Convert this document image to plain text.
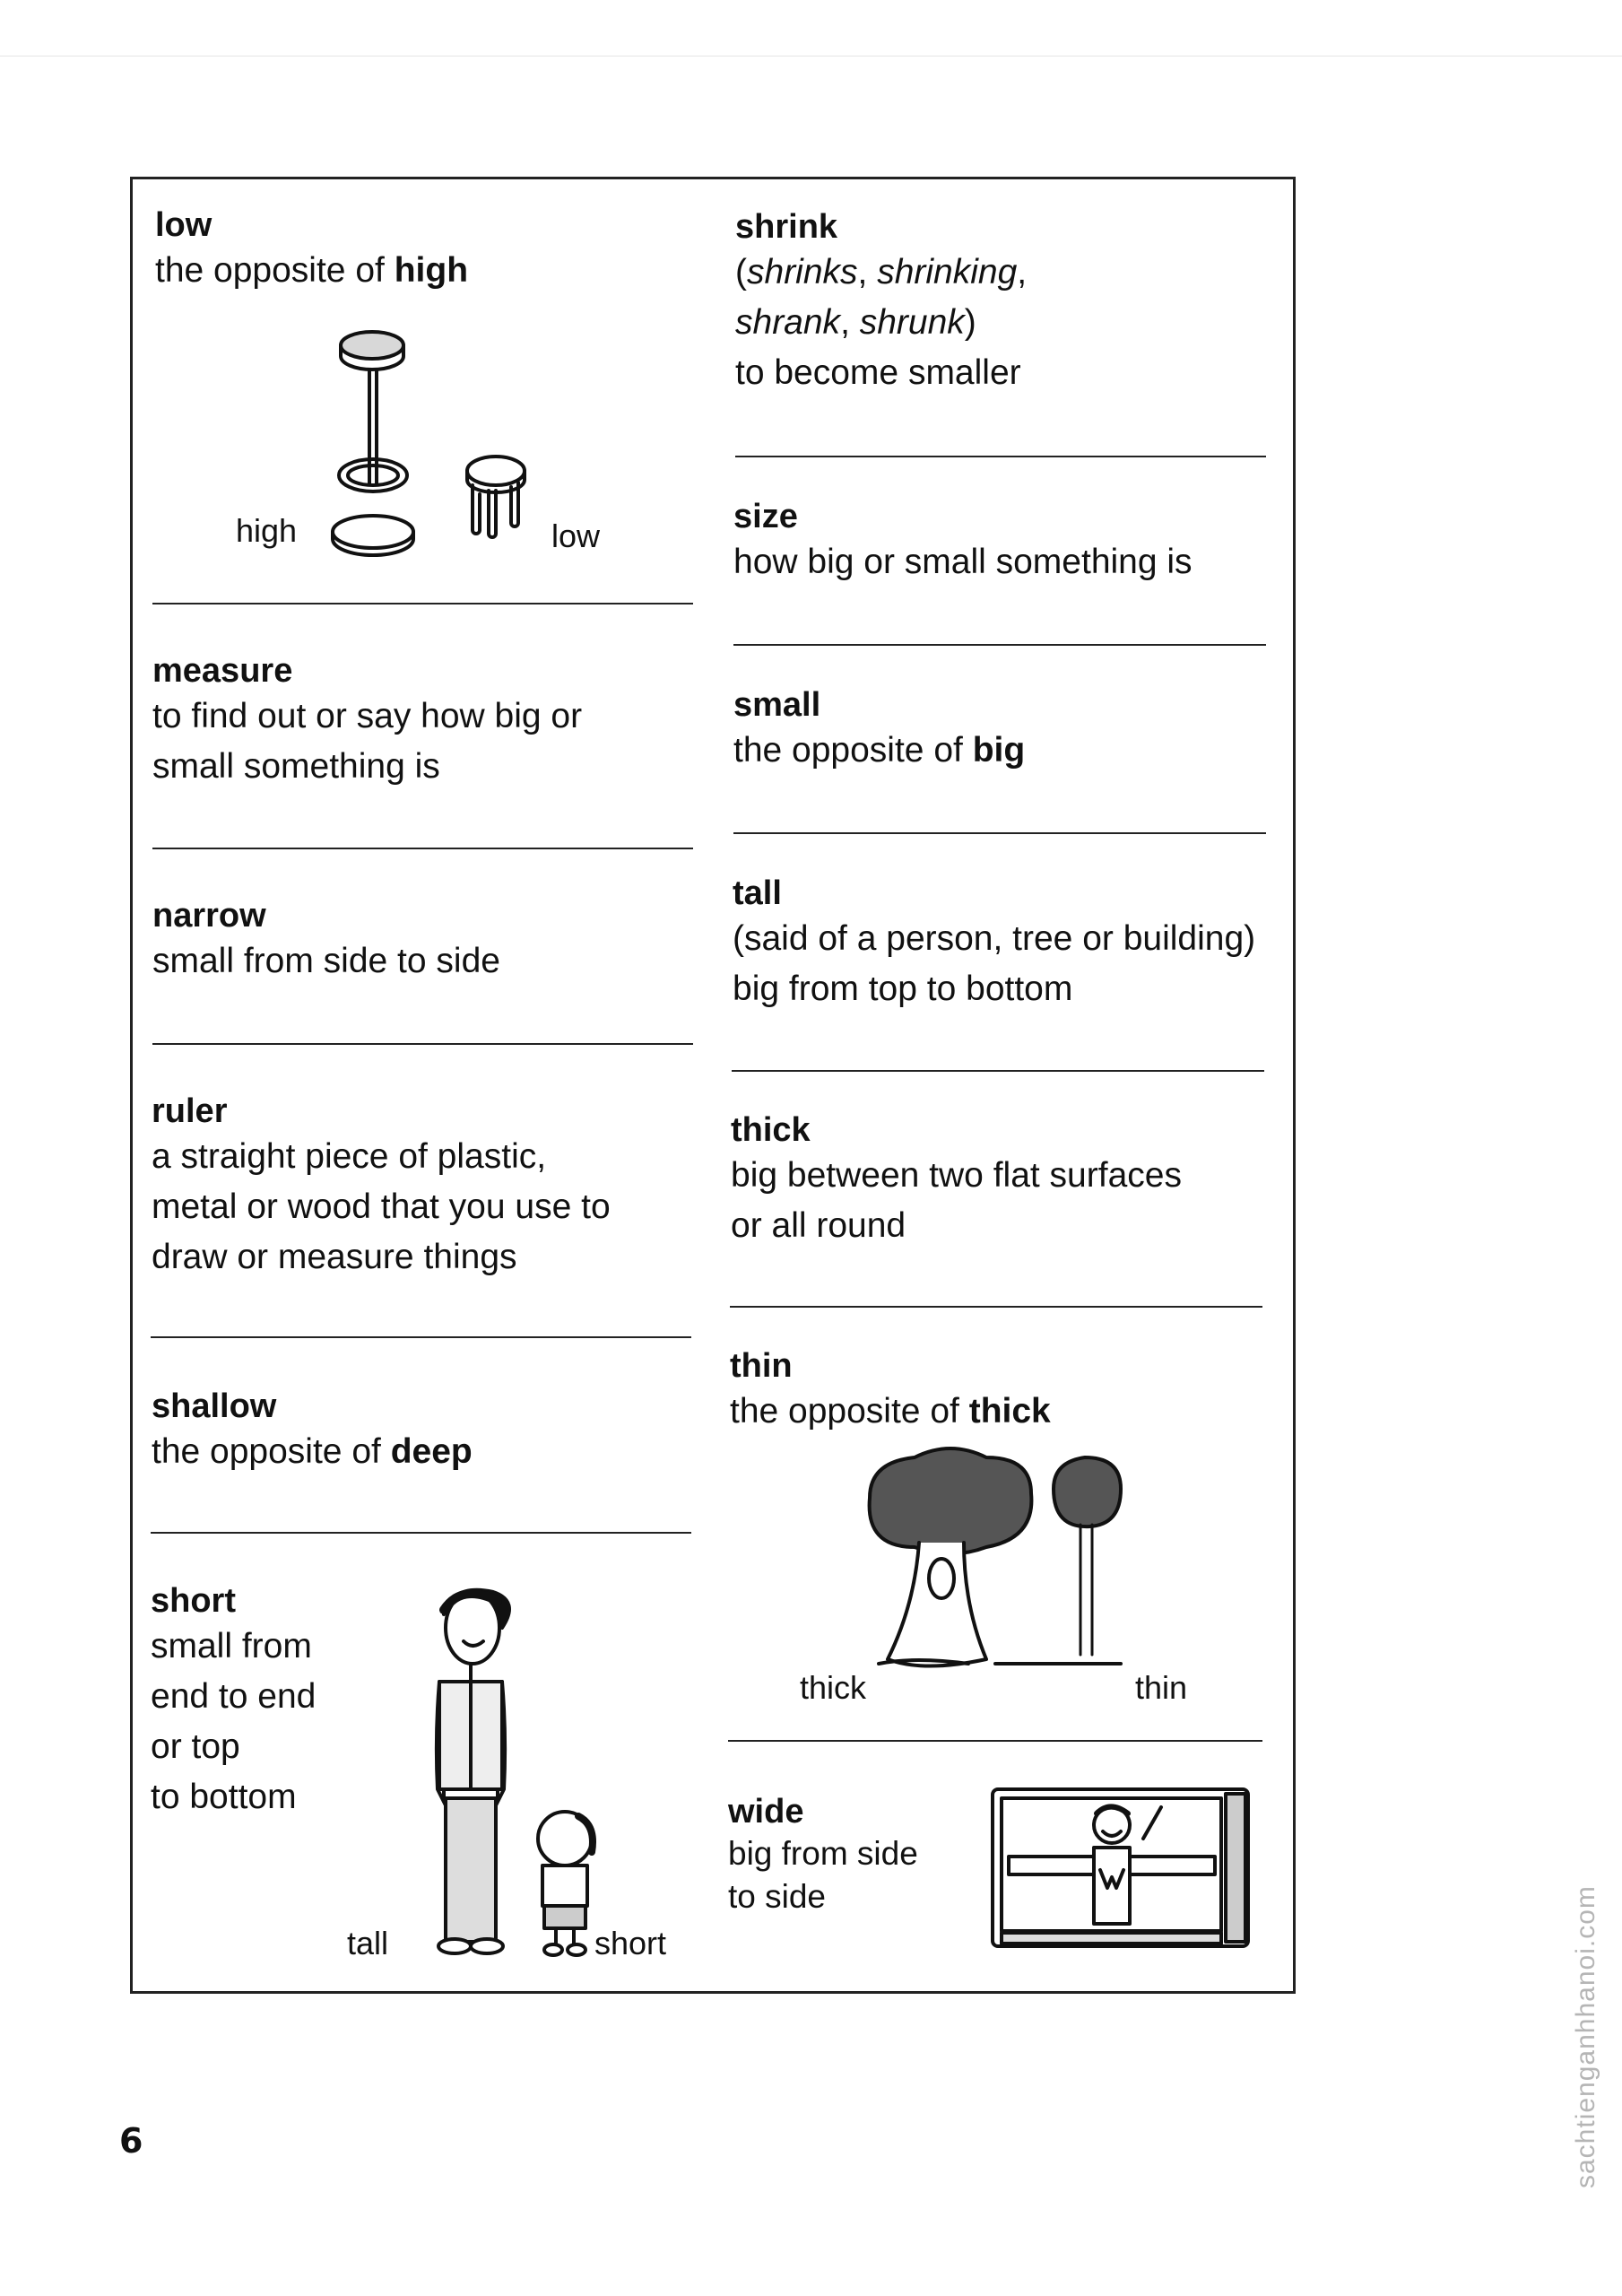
low
the opposite of high
high	low
measure
to find out or say how big or
small something is
narrow
small from side to side
ruler
a straight piece of plastic,
metal or wood that you use to
draw or measure things
shallow
the opposite of deep
short
small from
end to end
or top
to bottom
tall	short
shrink
(shrinks, shrinking,
shrank, shrunk)
to become smaller
size
how big or small something is
small
the opposite of big
tall
(said of a person, tree or building)
big from top to bottom
thick
big between two flat surfaces
or all round
thin
the opposite of thick
thick	thin
wide
big from side
to side
6	sachtienganhhanoi.com
